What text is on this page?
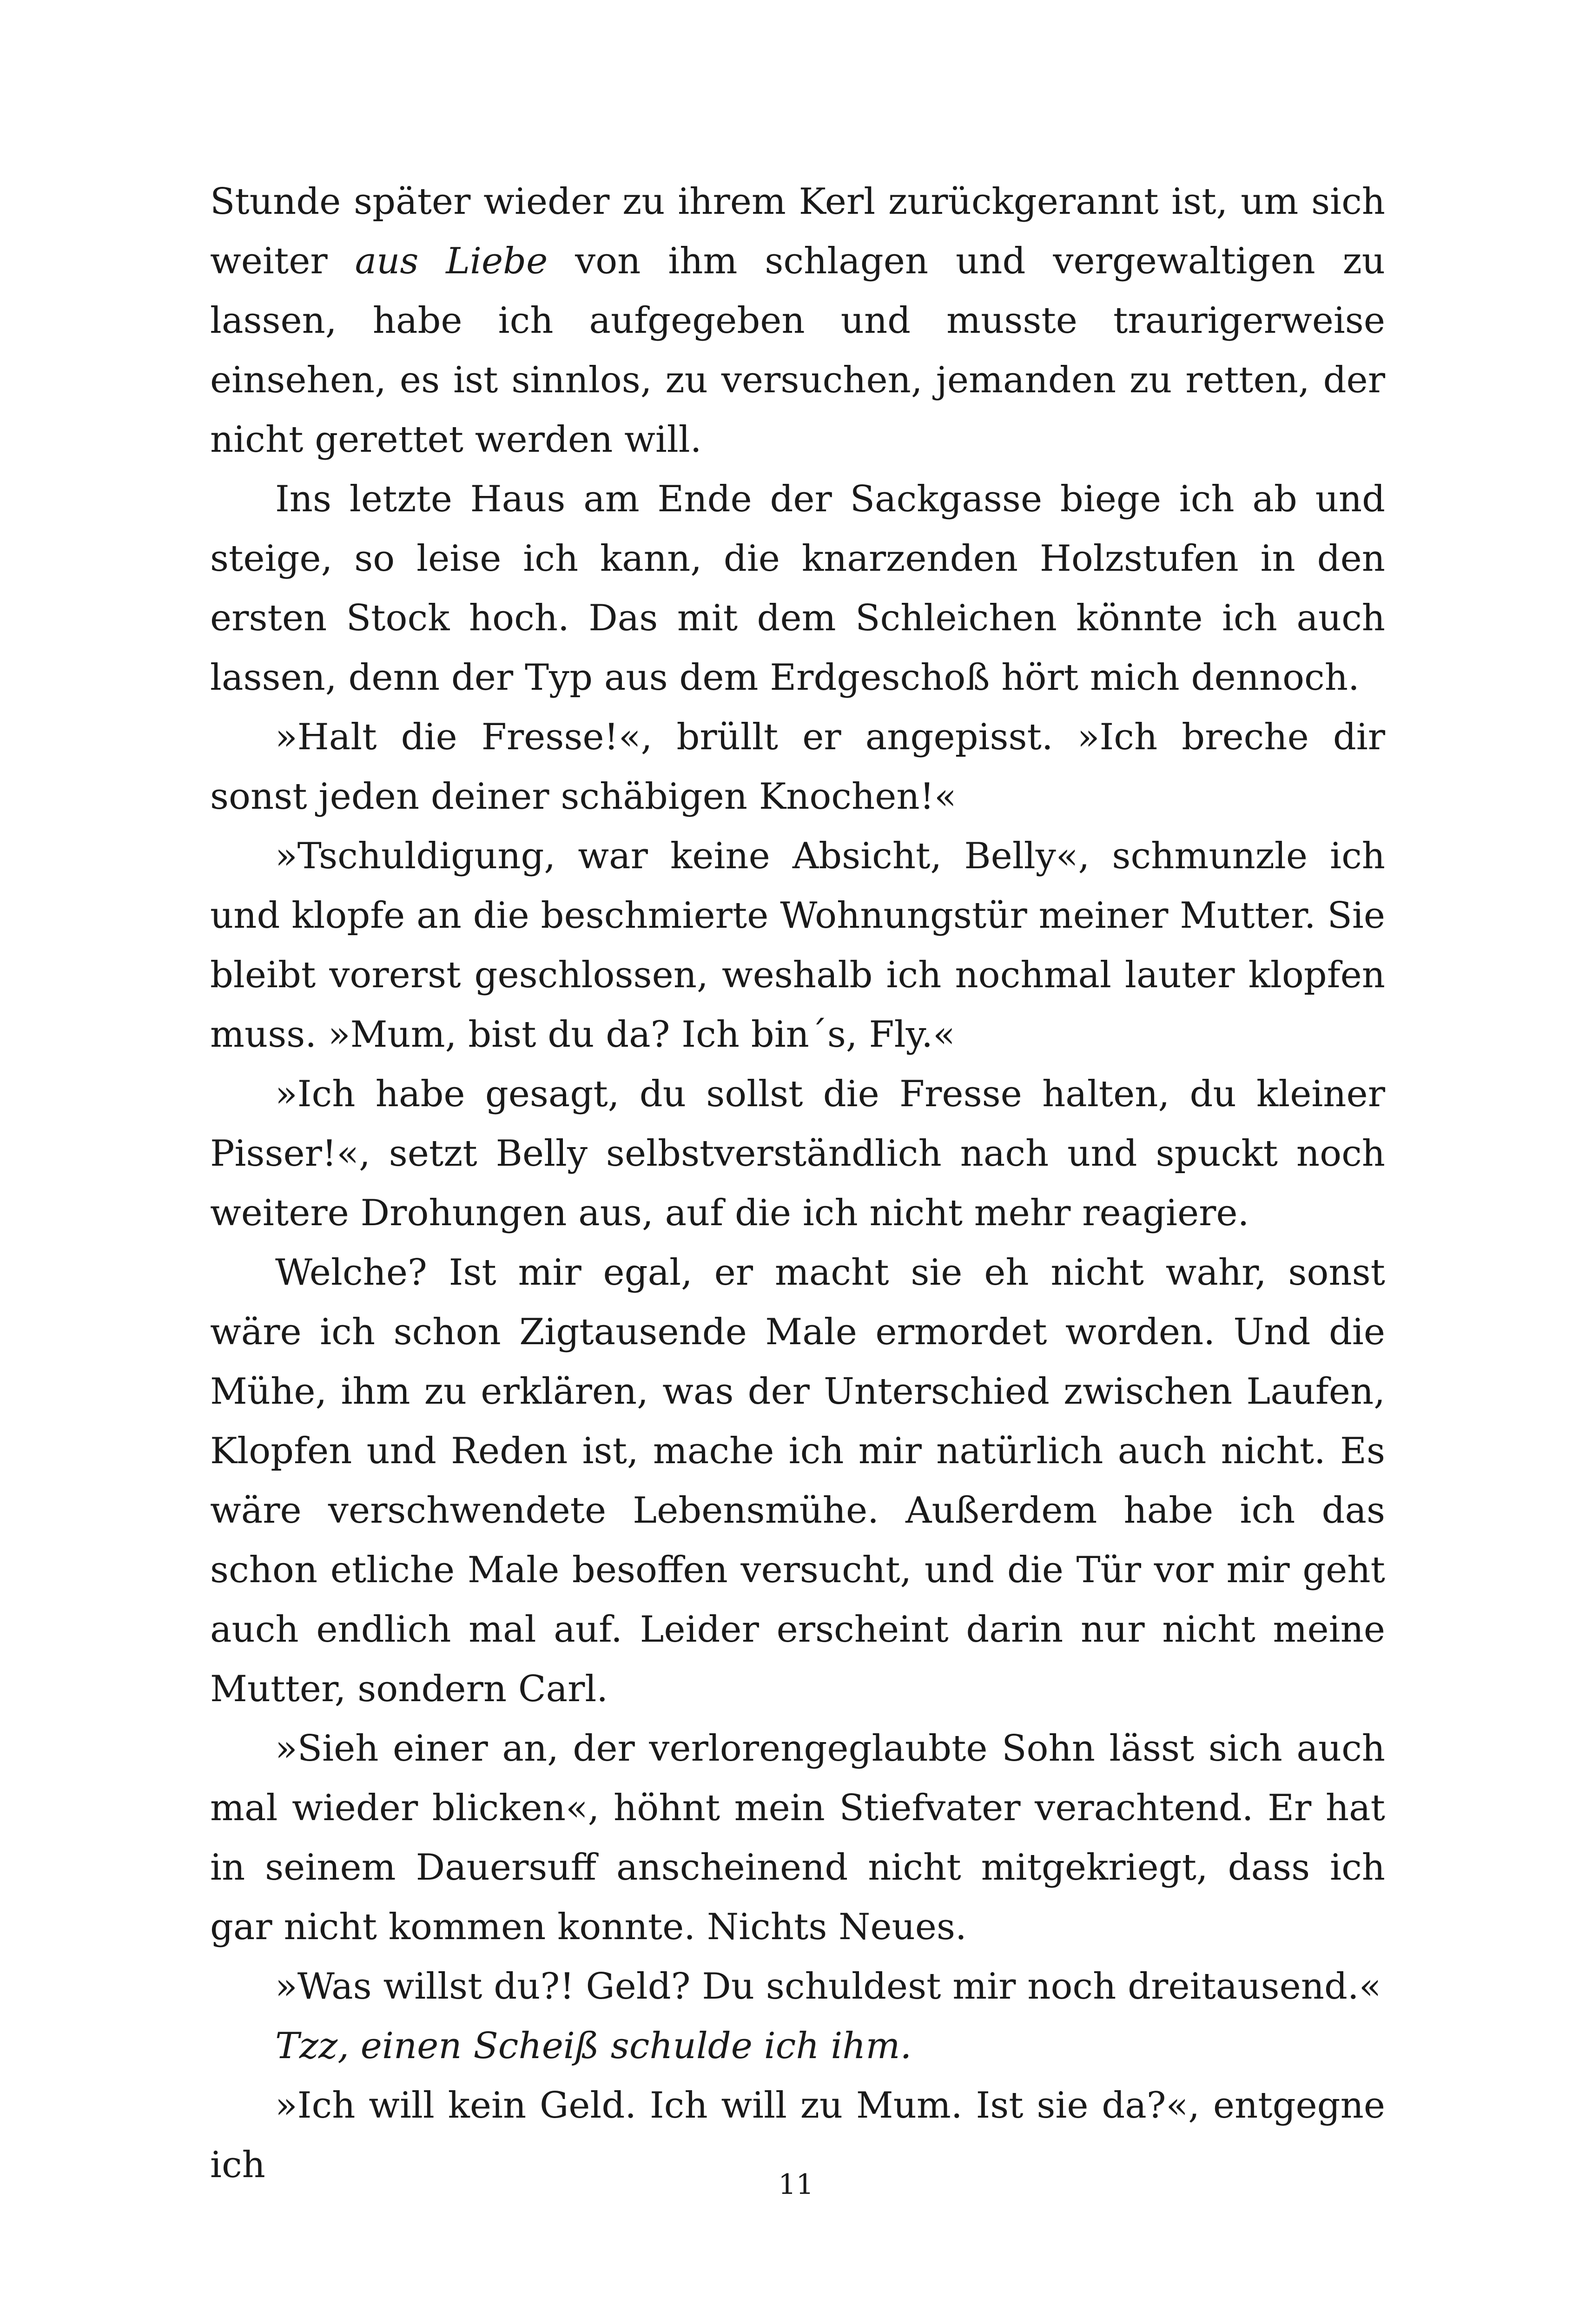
Stunde später wieder zu ihrem Kerl zurückgerannt ist, um sich weiter aus Liebe von ihm schlagen und vergewaltigen zu lassen, habe ich aufgegeben und musste traurigerweise einsehen, es ist sinnlos, zu versuchen, jemanden zu retten, der nicht gerettet werden will.

Ins letzte Haus am Ende der Sackgasse biege ich ab und steige, so leise ich kann, die knarzenden Holzstufen in den ersten Stock hoch. Das mit dem Schleichen könnte ich auch lassen, denn der Typ aus dem Erdgeschoß hört mich dennoch.

»Halt die Fresse!«, brüllt er angepisst. »Ich breche dir sonst jeden deiner schäbigen Knochen!«

»Tschuldigung, war keine Absicht, Belly«, schmunzle ich und klopfe an die beschmierte Wohnungstür meiner Mutter. Sie bleibt vorerst geschlossen, weshalb ich nochmal lauter klopfen muss. »Mum, bist du da? Ich bin´s, Fly.«

»Ich habe gesagt, du sollst die Fresse halten, du kleiner Pisser!«, setzt Belly selbstverständlich nach und spuckt noch weitere Drohungen aus, auf die ich nicht mehr reagiere.

Welche? Ist mir egal, er macht sie eh nicht wahr, sonst wäre ich schon Zigtausende Male ermordet worden. Und die Mühe, ihm zu erklären, was der Unterschied zwischen Laufen, Klopfen und Reden ist, mache ich mir natürlich auch nicht. Es wäre verschwendete Lebensmühe. Außerdem habe ich das schon etliche Male besoffen versucht, und die Tür vor mir geht auch endlich mal auf. Leider erscheint darin nur nicht meine Mutter, sondern Carl.

»Sieh einer an, der verlorengeglaubte Sohn lässt sich auch mal wieder blicken«, höhnt mein Stiefvater verachtend. Er hat in seinem Dauersuff anscheinend nicht mitgekriegt, dass ich gar nicht kommen konnte. Nichts Neues.

»Was willst du?! Geld? Du schuldest mir noch dreitausend.«

Tzz, einen Scheiß schulde ich ihm.

»Ich will kein Geld. Ich will zu Mum. Ist sie da?«, entgegne ich	11
